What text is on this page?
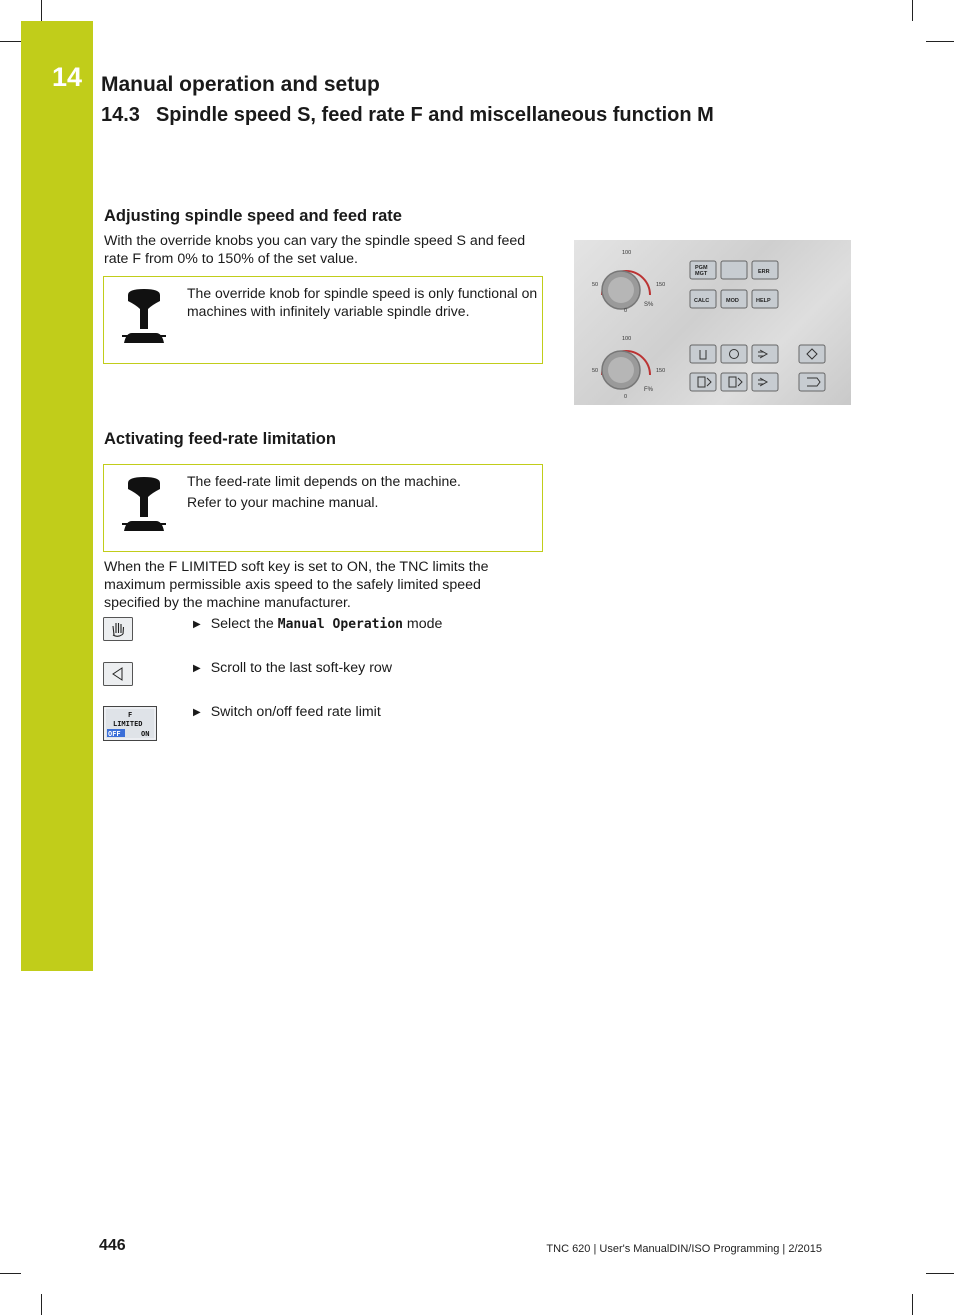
14 Manual operation and setup
14.3 Spindle speed S, feed rate F and miscellaneous function M
Adjusting spindle speed and feed rate

With the override knobs you can vary the spindle speed S and feed rate F from 0% to 150% of the set value.

The override knob for spindle speed is only functional on machines with infinitely variable spindle drive.
100
50	150
0
S%
100
50	150
0
F%
PGM
MGT	ERR
CALC	MOD	HELP
Activating feed-rate limitation

The feed-rate limit depends on the machine.

Refer to your machine manual.

When the F LIMITED soft key is set to ON, the TNC limits the maximum permissible axis speed to the safely limited speed specified by the machine manufacturer.

F
LIMITED
OFF	ON
▶ Select the Manual Operation mode
▶ Scroll to the last soft-key row
▶ Switch on/off feed rate limit
446	TNC 620 | User's ManualDIN/ISO Programming | 2/2015
